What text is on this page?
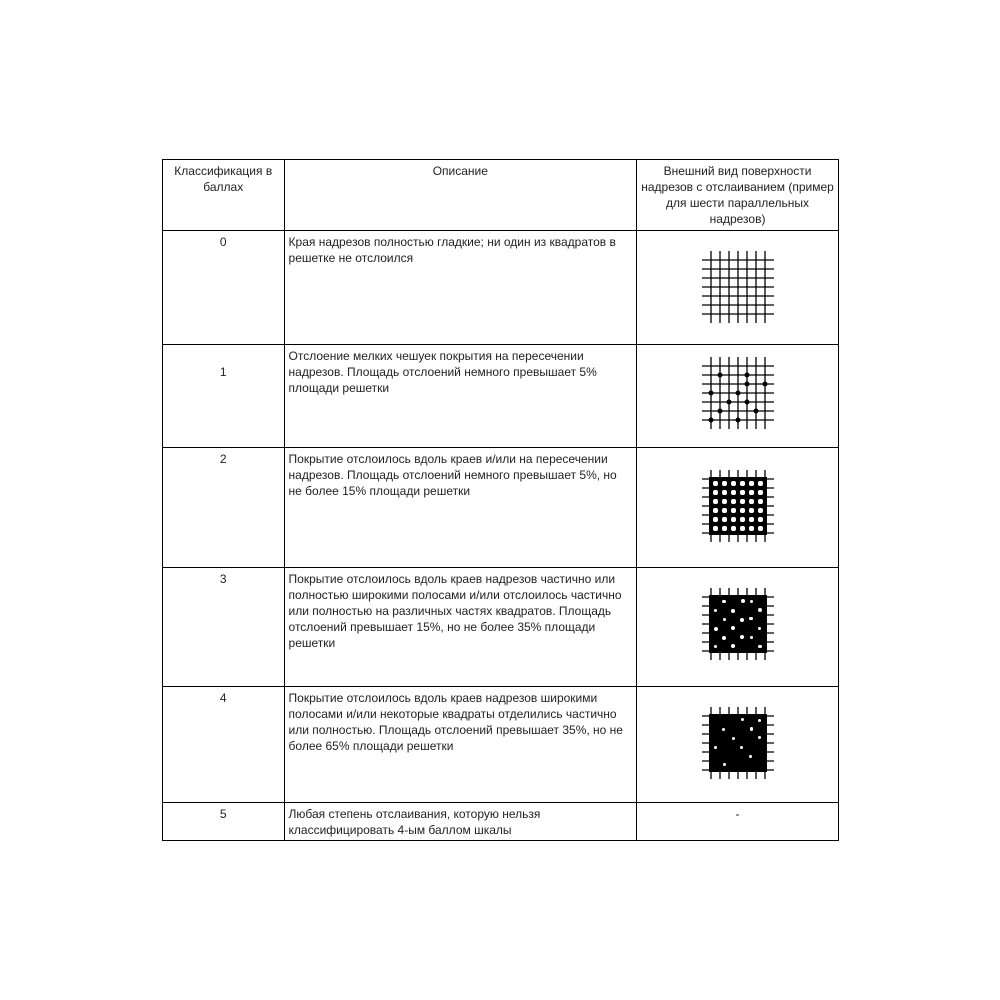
Классификация в баллах	Описание	Внешний вид поверхности надрезов с отслаиванием (пример для шести параллельных надрезов)
0	Края надрезов полностью гладкие; ни один из квадратов в решетке не отслоился	

1	Отслоение мелких чешуек покрытия на пересечении надрезов. Площадь отслоений немного превышает 5% площади решетки	

2	Покрытие отслоилось вдоль краев и/или на пересечении надрезов. Площадь отслоений немного превышает 5%, но не более 15% площади решетки	

3	Покрытие отслоилось вдоль краев надрезов частично или полностью широкими полосами и/или отслоилось частично или полностью на различных частях квадратов. Площадь отслоений превышает 15%, но не более 35% площади решетки	

4	Покрытие отслоилось вдоль краев надрезов широкими полосами и/или некоторые квадраты отделились частично или полностью. Площадь отслоений превышает 35%, но не более 65% площади решетки	

5	Любая степень отслаивания, которую нельзя классифицировать 4-ым баллом шкалы	-
